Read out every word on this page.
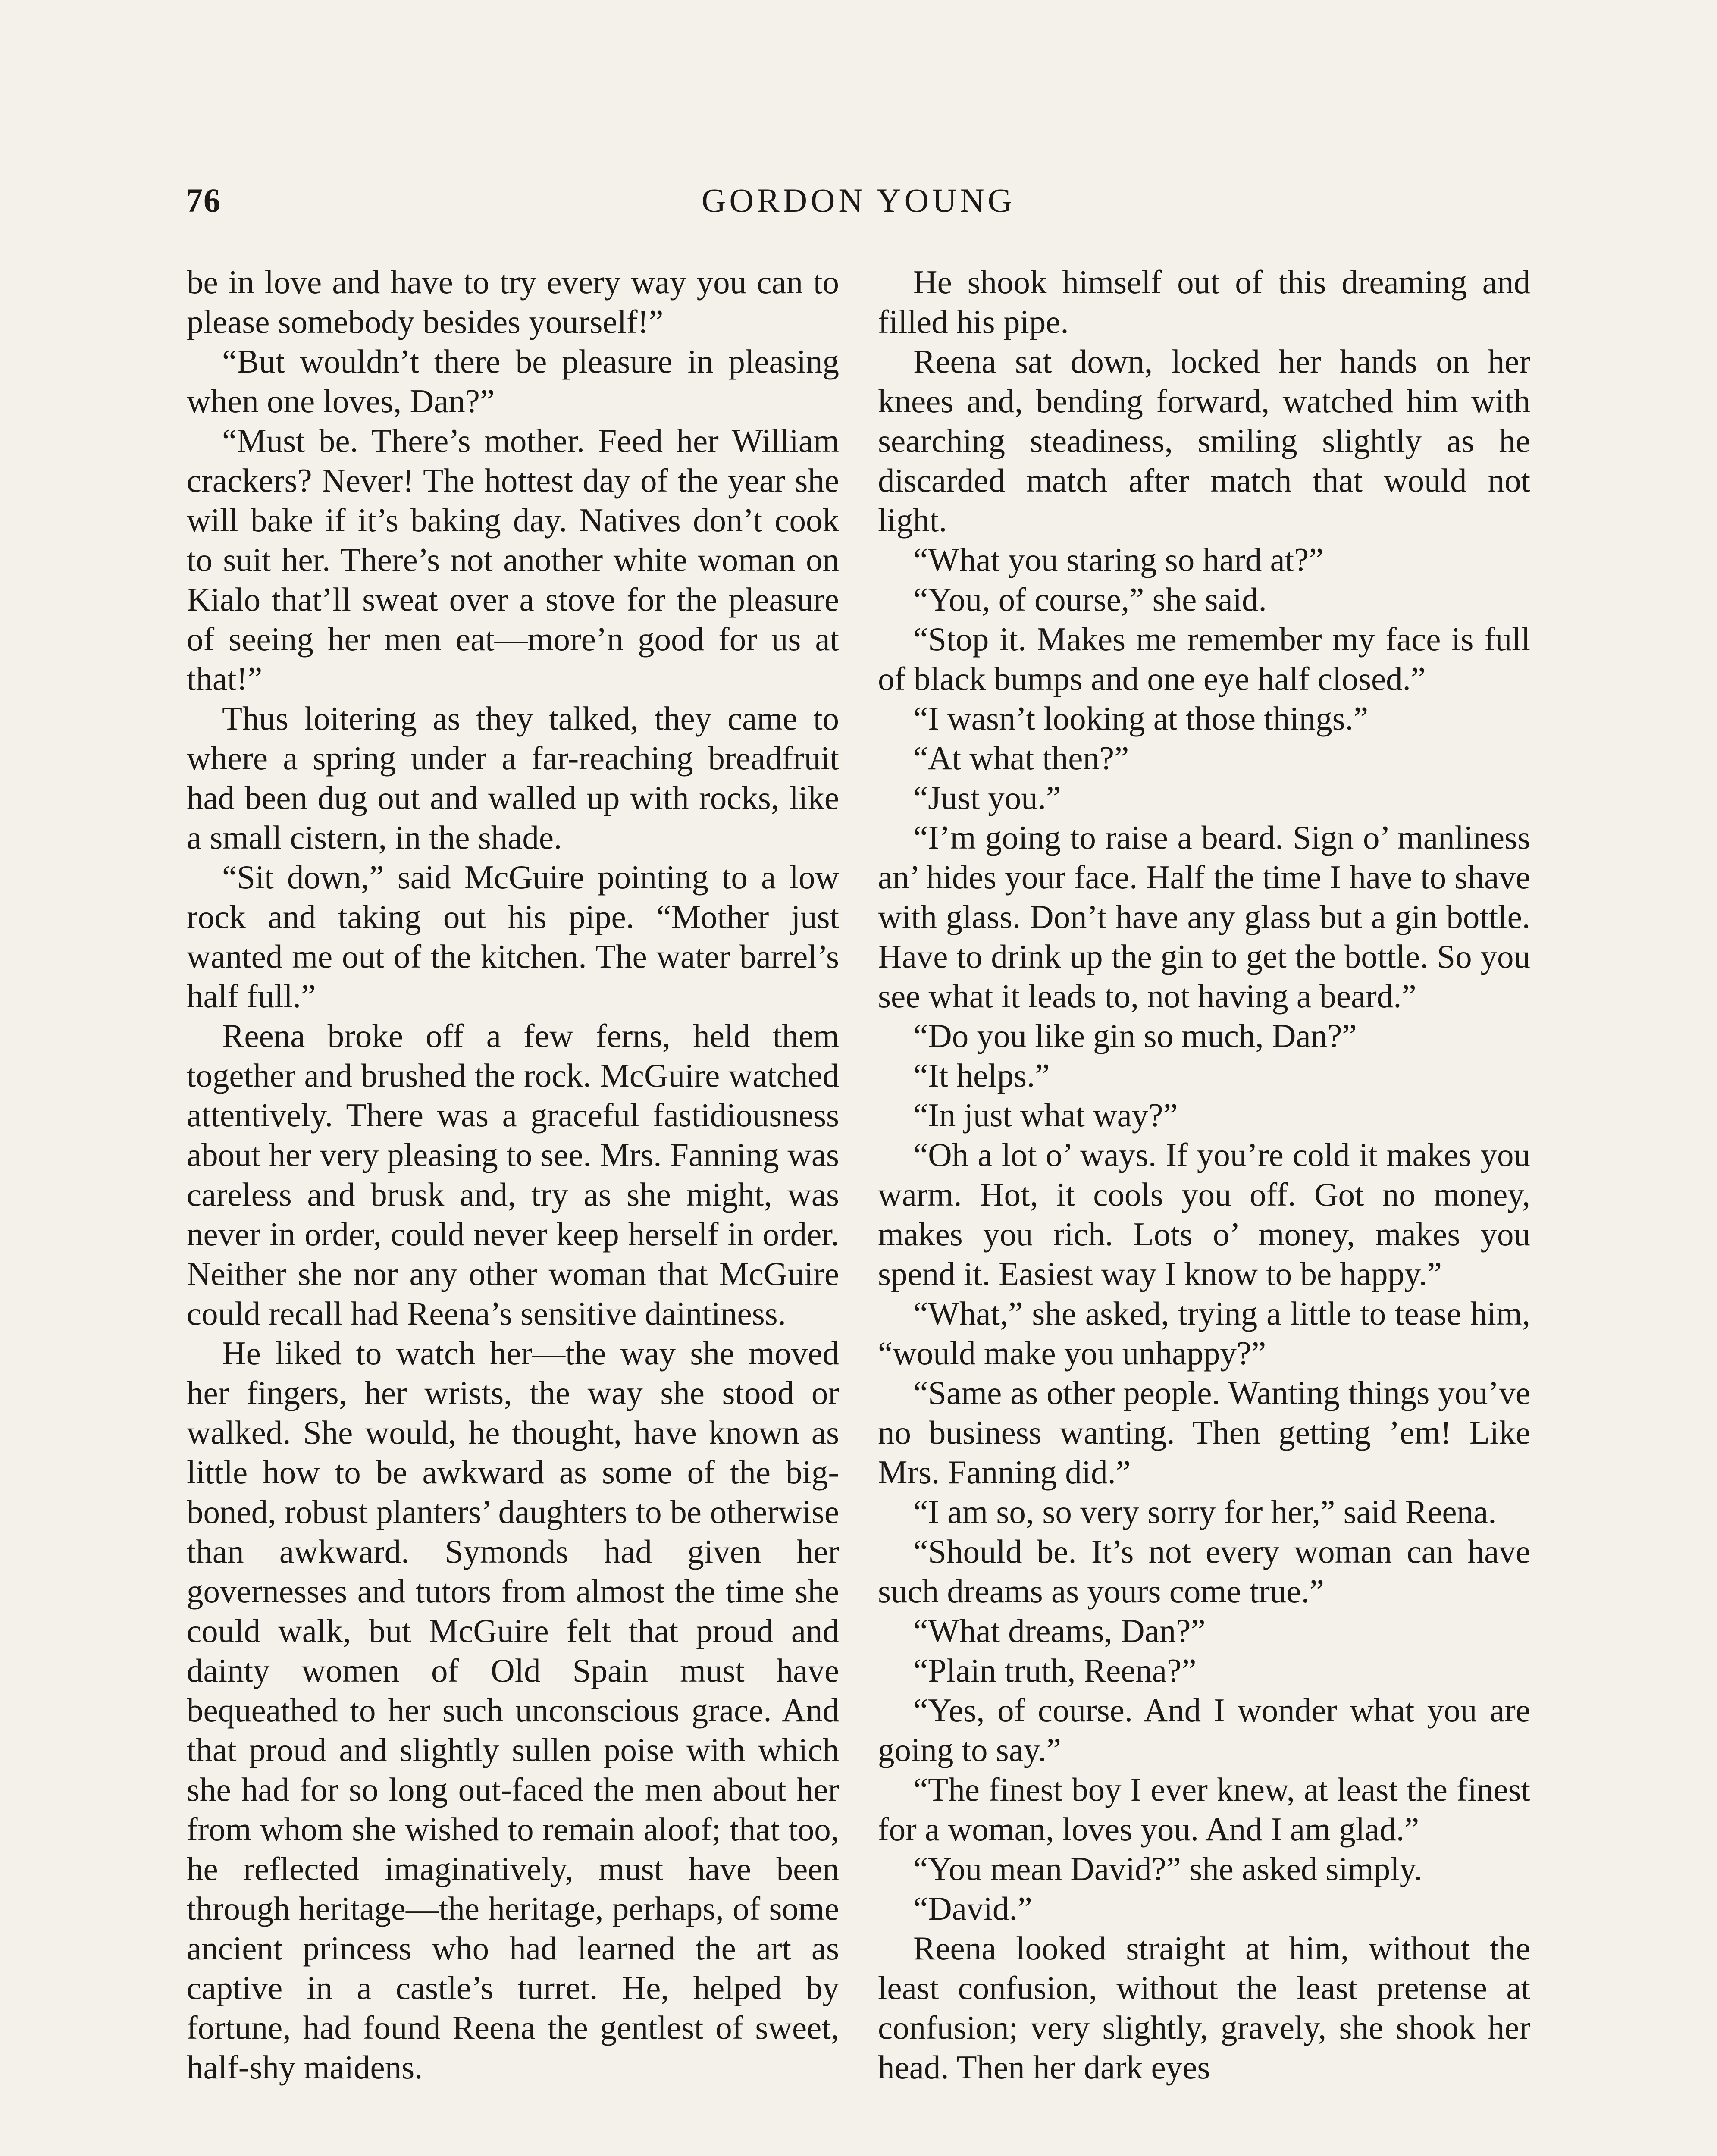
76	GORDON YOUNG

be in love and have to try every way you can to please somebody besides yourself!”

“But wouldn’t there be pleasure in pleasing when one loves, Dan?”

“Must be. There’s mother. Feed her William crackers? Never! The hottest day of the year she will bake if it’s baking day. Natives don’t cook to suit her. There’s not another white woman on Kialo that’ll sweat over a stove for the pleasure of seeing her men eat—more’n good for us at that!”

Thus loitering as they talked, they came to where a spring under a far-reaching breadfruit had been dug out and walled up with rocks, like a small cistern, in the shade.

“Sit down,” said McGuire pointing to a low rock and taking out his pipe. “Mother just wanted me out of the kitchen. The water barrel’s half full.”

Reena broke off a few ferns, held them together and brushed the rock. McGuire watched attentively. There was a graceful fastidiousness about her very pleasing to see. Mrs. Fanning was careless and brusk and, try as she might, was never in order, could never keep herself in order. Neither she nor any other woman that McGuire could recall had Reena’s sensitive daintiness.

He liked to watch her—the way she moved her fingers, her wrists, the way she stood or walked. She would, he thought, have known as little how to be awkward as some of the big-boned, robust planters’ daughters to be otherwise than awkward. Symonds had given her governesses and tutors from almost the time she could walk, but McGuire felt that proud and dainty women of Old Spain must have bequeathed to her such unconscious grace. And that proud and slightly sullen poise with which she had for so long out-faced the men about her from whom she wished to remain aloof; that too, he reflected imaginatively, must have been through heritage—the heritage, perhaps, of some ancient princess who had learned the art as captive in a castle’s turret. He, helped by fortune, had found Reena the gentlest of sweet, half-shy maidens.

He shook himself out of this dreaming and filled his pipe.

Reena sat down, locked her hands on her knees and, bending forward, watched him with searching steadiness, smiling slightly as he discarded match after match that would not light.

“What you staring so hard at?”

“You, of course,” she said.

“Stop it. Makes me remember my face is full of black bumps and one eye half closed.”

“I wasn’t looking at those things.”

“At what then?”

“Just you.”

“I’m going to raise a beard. Sign o’ manliness an’ hides your face. Half the time I have to shave with glass. Don’t have any glass but a gin bottle. Have to drink up the gin to get the bottle. So you see what it leads to, not having a beard.”

“Do you like gin so much, Dan?”

“It helps.”

“In just what way?”

“Oh a lot o’ ways. If you’re cold it makes you warm. Hot, it cools you off. Got no money, makes you rich. Lots o’ money, makes you spend it. Easiest way I know to be happy.”

“What,” she asked, trying a little to tease him, “would make you unhappy?”

“Same as other people. Wanting things you’ve no business wanting. Then getting ’em! Like Mrs. Fanning did.”

“I am so, so very sorry for her,” said Reena.

“Should be. It’s not every woman can have such dreams as yours come true.”

“What dreams, Dan?”

“Plain truth, Reena?”

“Yes, of course. And I wonder what you are going to say.”

“The finest boy I ever knew, at least the finest for a woman, loves you. And I am glad.”

“You mean David?” she asked simply.

“David.”

Reena looked straight at him, without the least confusion, without the least pretense at confusion; very slightly, gravely, she shook her head. Then her dark eyes
